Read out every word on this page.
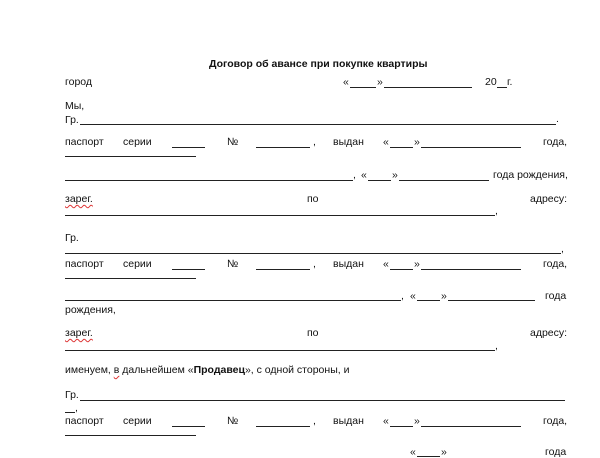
Договор об авансе при покупке квартиры
город	«	»	20 г.
Мы,
Гр.	.
паспорт серии	№	, выдан « »	года,
, « »	года рождения,
зарег.	по	адресу:
,
Гр.
,
паспорт серии	№	, выдан « »	года,
, « »	года
рождения,
зарег.	по	адресу:
,
именуем, в дальнейшем «Продавец», с одной стороны, и
Гр.
,
паспорт серии	№	, выдан « »	года,
« »	года
